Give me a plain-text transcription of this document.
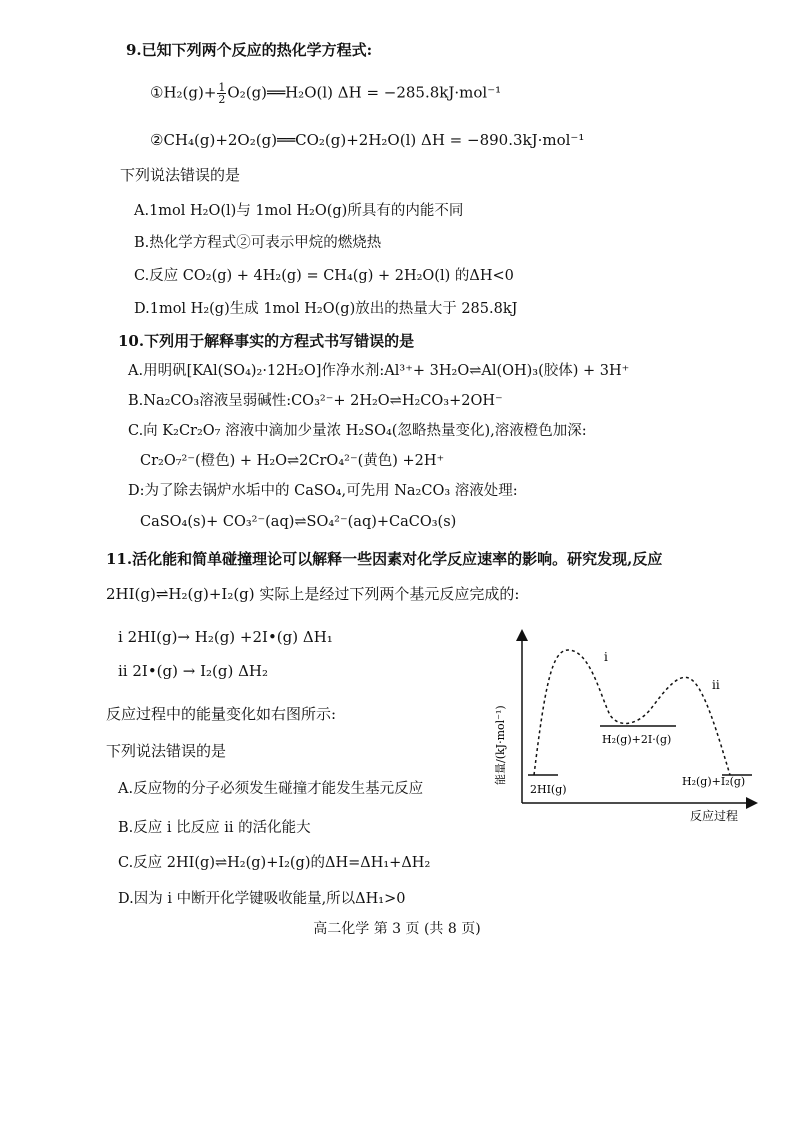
9.已知下列两个反应的热化学方程式:
①H₂(g)+ $\frac{1}{2}$ O₂(g)══H₂O(l) ΔH = −285.8kJ·mol⁻¹
②CH₄(g)+2O₂(g)══CO₂(g)+2H₂O(l) ΔH = −890.3kJ·mol⁻¹
下列说法错误的是
A.1mol H₂O(l)与 1mol H₂O(g)所具有的内能不同
B.热化学方程式②可表示甲烷的燃烧热
C.反应 CO₂(g) + 4H₂(g) = CH₄(g) + 2H₂O(l) 的ΔH<0
D.1mol H₂(g)生成 1mol H₂O(g)放出的热量大于 285.8kJ
10.下列用于解释事实的方程式书写错误的是
A.用明矾[KAl(SO₄)₂·12H₂O]作净水剂:Al³⁺+ 3H₂O⇌Al(OH)₃(胶体) + 3H⁺
B.Na₂CO₃溶液呈弱碱性:CO₃²⁻+ 2H₂O⇌H₂CO₃+2OH⁻
C.向 K₂Cr₂O₇ 溶液中滴加少量浓 H₂SO₄(忽略热量变化),溶液橙色加深:
Cr₂O₇²⁻(橙色) + H₂O⇌2CrO₄²⁻(黄色) +2H⁺
D:为了除去锅炉水垢中的 CaSO₄,可先用 Na₂CO₃ 溶液处理:
CaSO₄(s)+ CO₃²⁻(aq)⇌SO₄²⁻(aq)+CaCO₃(s)
11.活化能和简单碰撞理论可以解释一些因素对化学反应速率的影响。研究发现,反应
2HI(g)⇌H₂(g)+I₂(g) 实际上是经过下列两个基元反应完成的:
i 2HI(g)→ H₂(g) +2I•(g) ΔH₁
ii 2I•(g) → I₂(g) ΔH₂
反应过程中的能量变化如右图所示:
下列说法错误的是
A.反应物的分子必须发生碰撞才能发生基元反应
B.反应 i 比反应 ii 的活化能大
C.反应 2HI(g)⇌H₂(g)+I₂(g)的ΔH=ΔH₁+ΔH₂
D.因为 i 中断开化学键吸收能量,所以ΔH₁>0
能量/(kJ·mol⁻¹)
反应过程
2HI(g)
H₂(g)+2I·(g)
H₂(g)+I₂(g)
i
ii
高二化学 第 3 页 (共 8 页)
